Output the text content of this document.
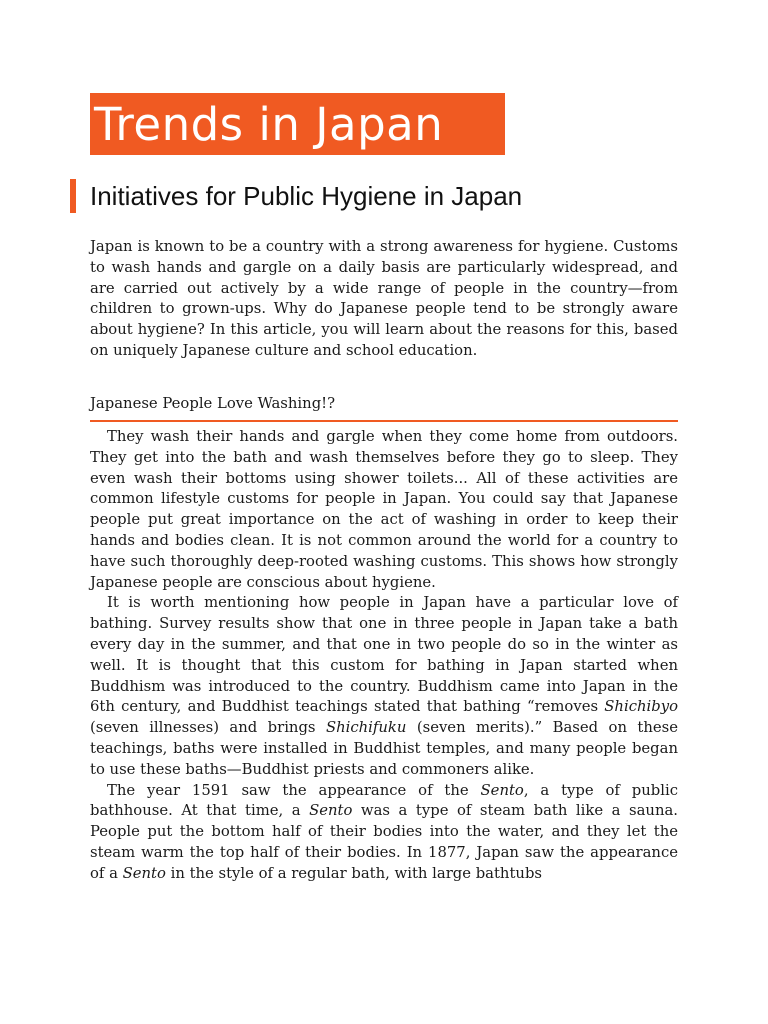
Trends in Japan
Initiatives for Public Hygiene in Japan

Japan is known to be a country with a strong awareness for hygiene. Customs to wash hands and gargle on a daily basis are particularly widespread, and are carried out actively by a wide range of people in the country—from children to grown-ups. Why do Japanese people tend to be strongly aware about hygiene? In this article, you will learn about the reasons for this, based on uniquely Japanese culture and school education.

Japanese People Love Washing!?

They wash their hands and gargle when they come home from outdoors. They get into the bath and wash themselves before they go to sleep. They even wash their bottoms using shower toilets... All of these activities are common lifestyle customs for people in Japan. You could say that Japanese people put great importance on the act of washing in order to keep their hands and bodies clean. It is not common around the world for a country to have such thoroughly deep-rooted washing customs. This shows how strongly Japanese people are conscious about hygiene.

It is worth mentioning how people in Japan have a particular love of bathing. Survey results show that one in three people in Japan take a bath every day in the summer, and that one in two people do so in the winter as well. It is thought that this custom for bathing in Japan started when Buddhism was introduced to the country. Buddhism came into Japan in the 6th century, and Buddhist teachings stated that bathing “removes Shichibyo (seven illnesses) and brings Shichifuku (seven merits).” Based on these teachings, baths were installed in Buddhist temples, and many people began to use these baths—Buddhist priests and commoners alike.

The year 1591 saw the appearance of the Sento, a type of public bathhouse. At that time, a Sento was a type of steam bath like a sauna. People put the bottom half of their bodies into the water, and they let the steam warm the top half of their bodies. In 1877, Japan saw the appearance of a Sento in the style of a regular bath, with large bathtubs
